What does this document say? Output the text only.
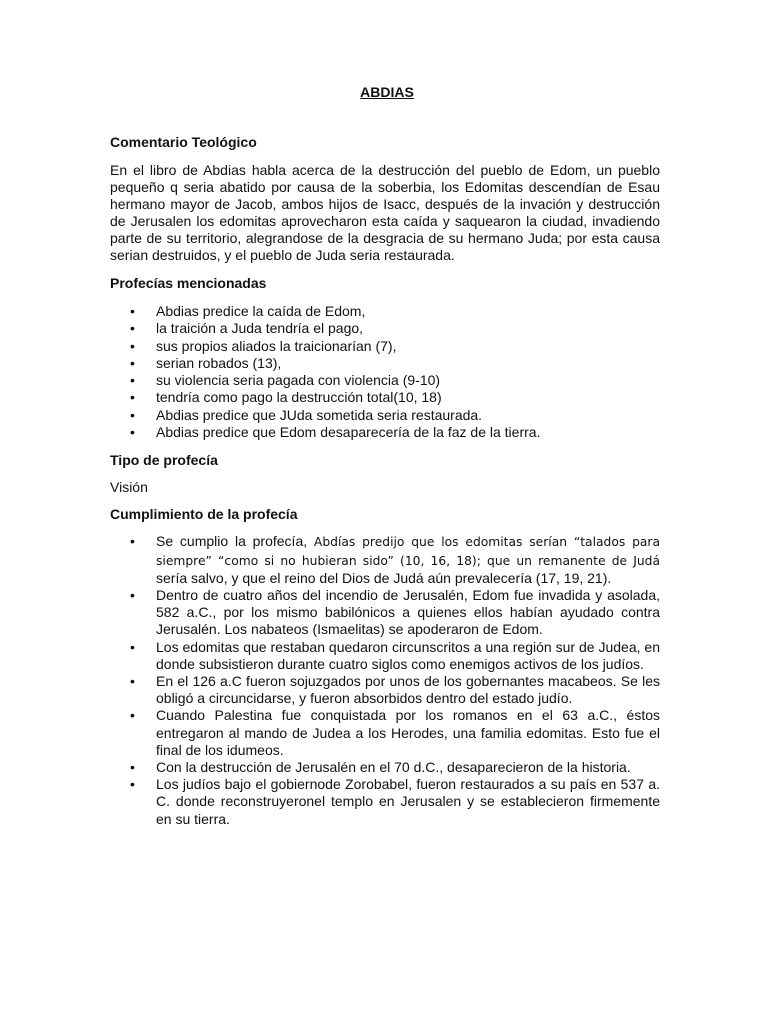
ABDIAS
Comentario Teológico

En el libro de Abdias habla acerca de la destrucción del pueblo de Edom, un pueblo pequeño q seria abatido por causa de la soberbia, los Edomitas descendían de Esau hermano mayor de Jacob, ambos hijos de Isacc, después de la invación y destrucción de Jerusalen los edomitas aprovecharon esta caída y saquearon la ciudad, invadiendo parte de su territorio, alegrandose de la desgracia de su hermano Juda; por esta causa serian destruidos, y el pueblo de Juda seria restaurada.

Profecías mencionadas
• Abdias predice la caída de Edom,
• la traición a Juda tendría el pago,
• sus propios aliados la traicionarían (7),
• serian robados (13),
• su violencia seria pagada con violencia (9-10)
• tendría como pago la destrucción total(10, 18)
• Abdias predice que JUda sometida seria restaurada.
• Abdias predice que Edom desaparecería de la faz de la tierra.
Tipo de profecía

Visión

Cumplimiento de la profecía
• Se cumplio la profecía, Abdías predijo que los edomitas serían “talados para siempre” “como si no hubieran sido” (10, 16, 18); que un remanente de Judá sería salvo, y que el reino del Dios de Judá aún prevalecería (17, 19, 21).
• Dentro de cuatro años del incendio de Jerusalén, Edom fue invadida y asolada, 582 a.C., por los mismo babilónicos a quienes ellos habían ayudado contra Jerusalén. Los nabateos (Ismaelitas) se apoderaron de Edom.
• Los edomitas que restaban quedaron circunscritos a una región sur de Judea, en donde subsistieron durante cuatro siglos como enemigos activos de los judíos.
• En el 126 a.C fueron sojuzgados por unos de los gobernantes macabeos. Se les obligó a circuncidarse, y fueron absorbidos dentro del estado judío.
• Cuando Palestina fue conquistada por los romanos en el 63 a.C., éstos entregaron al mando de Judea a los Herodes, una familia edomitas. Esto fue el final de los idumeos.
• Con la destrucción de Jerusalén en el 70 d.C., desaparecieron de la historia.
• Los judíos bajo el gobiernode Zorobabel, fueron restaurados a su país en 537 a. C. donde reconstruyeronel templo en Jerusalen y se establecieron firmemente en su tierra.
